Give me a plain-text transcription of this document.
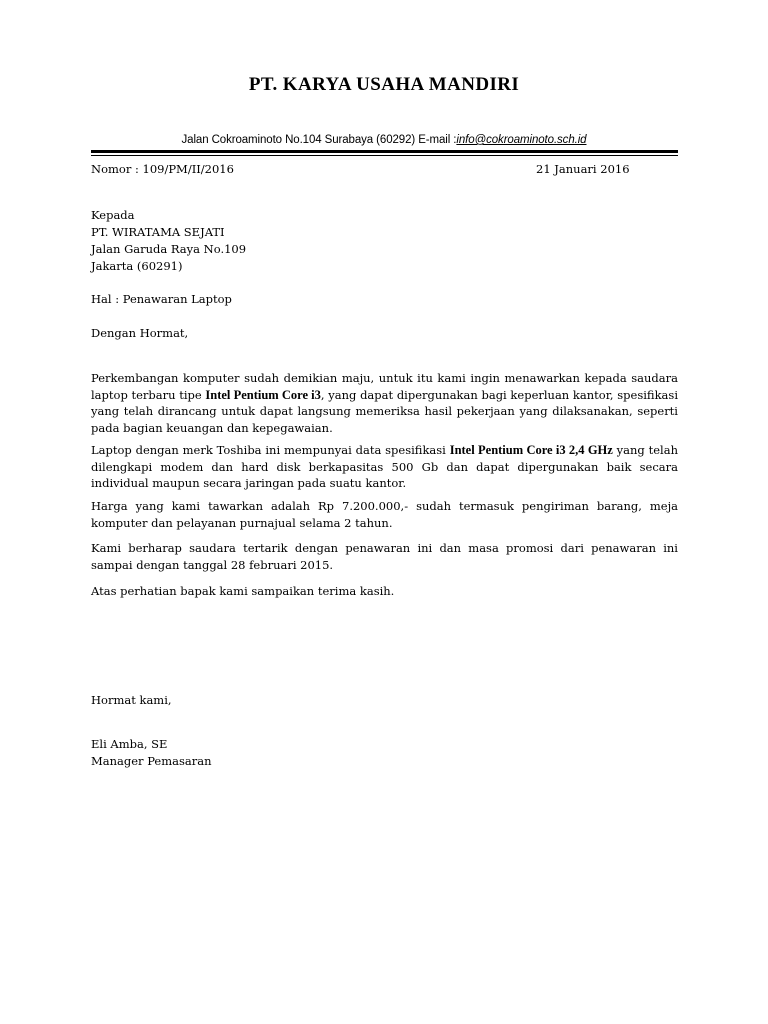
PT. KARYA USAHA MANDIRI
Jalan Cokroaminoto No.104 Surabaya (60292) E-mail :info@cokroaminoto.sch.id
Nomor : 109/PM/II/2016	21 Januari 2016
Kepada
PT. WIRATAMA SEJATI
Jalan Garuda Raya No.109
Jakarta (60291)
Hal : Penawaran Laptop
Dengan Hormat,
Perkembangan komputer sudah demikian maju, untuk itu kami ingin menawarkan kepada saudara laptop terbaru tipe Intel Pentium Core i3, yang dapat dipergunakan bagi keperluan kantor, spesifikasi yang telah dirancang untuk dapat langsung memeriksa hasil pekerjaan yang dilaksanakan, seperti pada bagian keuangan dan kepegawaian.
Laptop dengan merk Toshiba ini mempunyai data spesifikasi Intel Pentium Core i3 2,4 GHz yang telah dilengkapi modem dan hard disk berkapasitas 500 Gb dan dapat dipergunakan baik secara individual maupun secara jaringan pada suatu kantor.
Harga yang kami tawarkan adalah Rp 7.200.000,- sudah termasuk pengiriman barang, meja komputer dan pelayanan purnajual selama 2 tahun.
Kami berharap saudara tertarik dengan penawaran ini dan masa promosi dari penawaran ini sampai dengan tanggal 28 februari 2015.
Atas perhatian bapak kami sampaikan terima kasih.
Hormat kami,
Eli Amba, SE
Manager Pemasaran
